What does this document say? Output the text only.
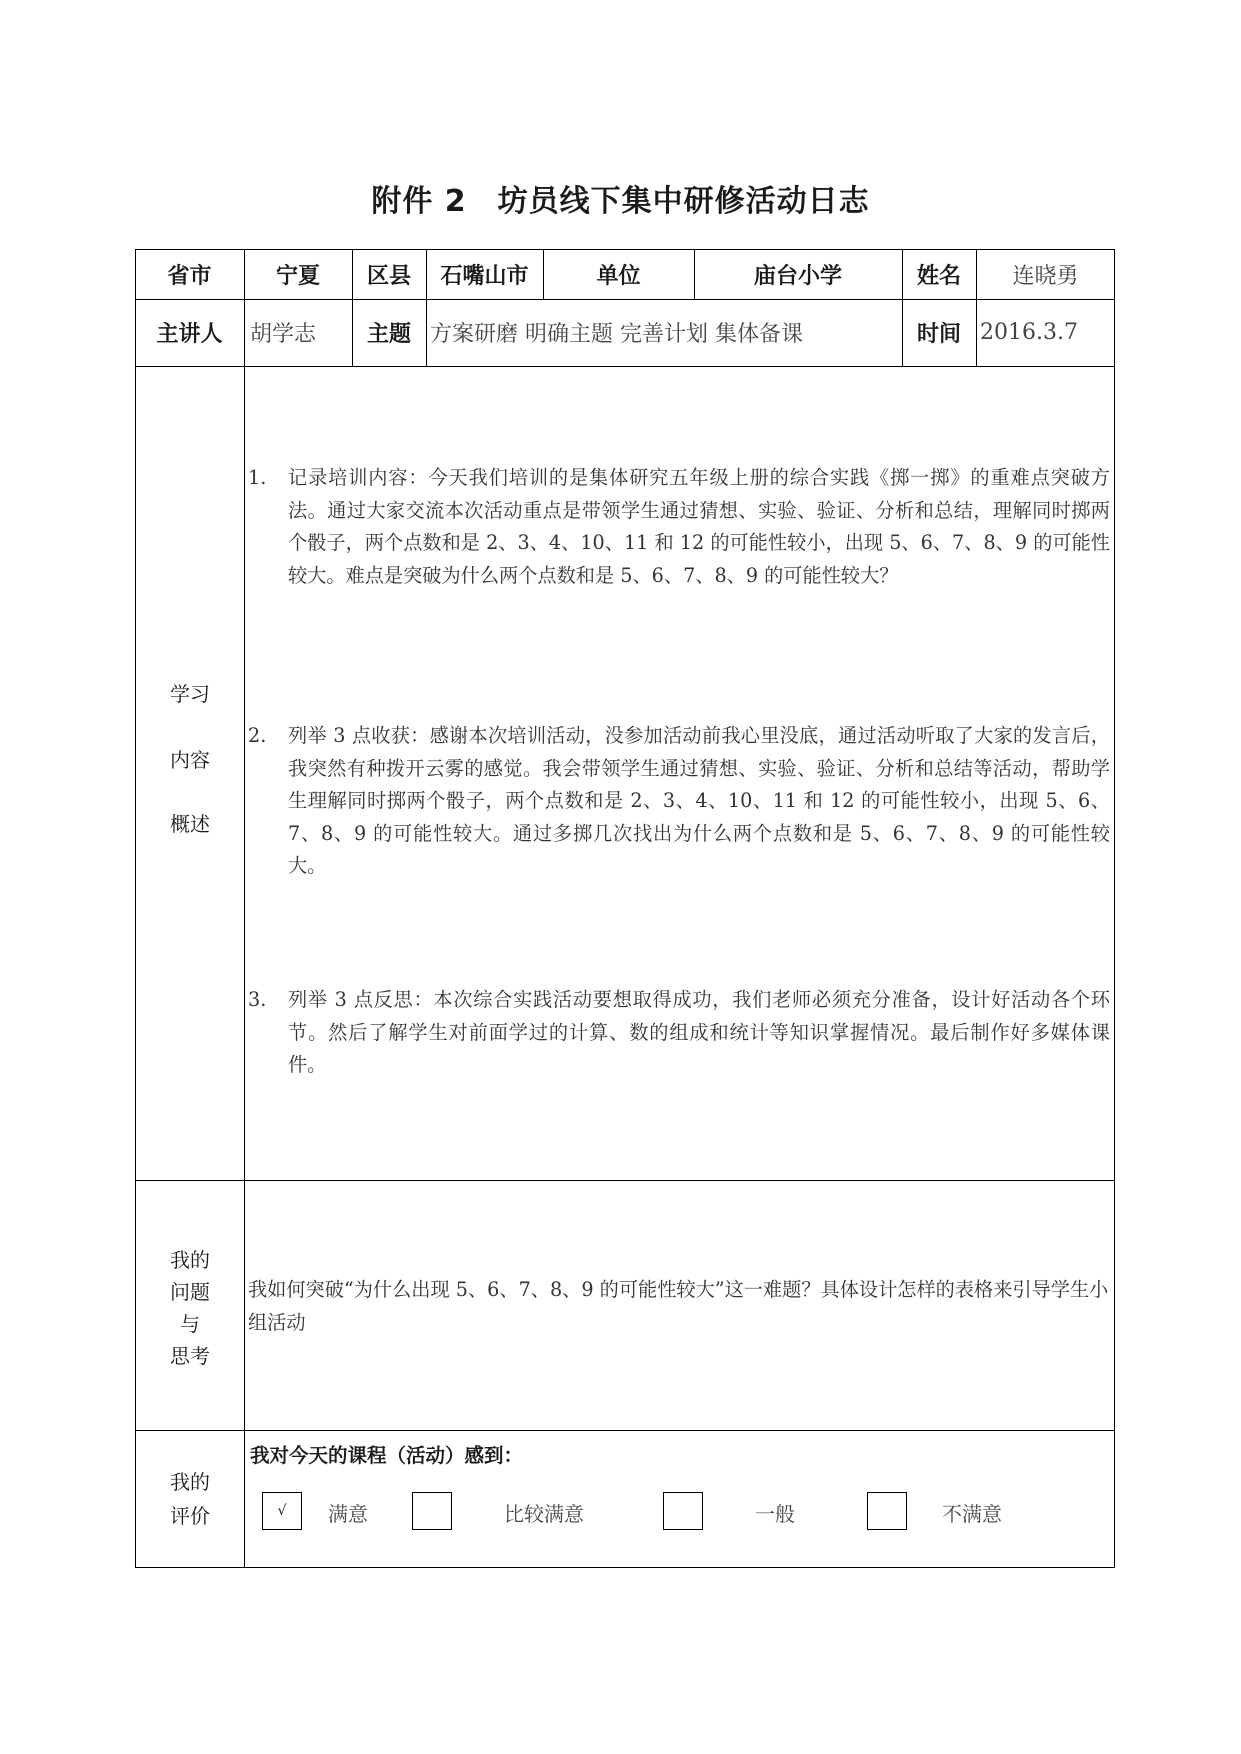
附件 2　坊员线下集中研修活动日志
省市	宁夏	区县	石嘴山市	单位	庙台小学	姓名	连晓勇
主讲人	胡学志	主题 方案研磨 明确主题 完善计划 集体备课	时间 2016.3.7
学习
内容
概述
1. 记录培训内容：今天我们培训的是集体研究五年级上册的综合实践《掷一掷》的重难点突破方法。通过大家交流本次活动重点是带领学生通过猜想、实验、验证、分析和总结，理解同时掷两个骰子，两个点数和是 2、3、4、10、11 和 12 的可能性较小，出现 5、6、7、8、9 的可能性较大。难点是突破为什么两个点数和是 5、6、7、8、9 的可能性较大？
2. 列举 3 点收获：感谢本次培训活动，没参加活动前我心里没底，通过活动听取了大家的发言后，我突然有种拨开云雾的感觉。我会带领学生通过猜想、实验、验证、分析和总结等活动，帮助学生理解同时掷两个骰子，两个点数和是 2、3、4、10、11 和 12 的可能性较小，出现 5、6、7、8、9 的可能性较大。通过多掷几次找出为什么两个点数和是 5、6、7、8、9 的可能性较大。
3. 列举 3 点反思：本次综合实践活动要想取得成功，我们老师必须充分准备，设计好活动各个环节。然后了解学生对前面学过的计算、数的组成和统计等知识掌握情况。最后制作好多媒体课件。
我的
问题
与
思考
我如何突破“为什么出现 5、6、7、8、9 的可能性较大”这一难题？具体设计怎样的表格来引导学生小组活动
我的
评价
我对今天的课程（活动）感到：
√	满意	比较满意	一般	不满意
